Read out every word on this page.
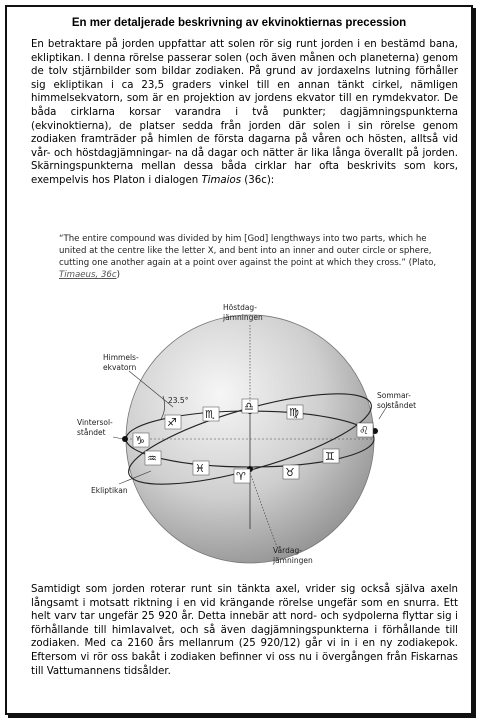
En mer detaljerade beskrivning av ekvinoktiernas precession

En betraktare på jorden uppfattar att solen rör sig runt jorden i en bestämd bana, ekliptikan. I denna rörelse passerar solen (och även månen och planeterna) genom de tolv stjärnbilder som bildar zodiaken. På grund av jordaxelns lutning förhåller sig ekliptikan i ca 23,5 graders vinkel till en annan tänkt cirkel, nämligen himmelsekvatorn, som är en projektion av jordens ekvator till en rymdekvator. De båda cirklarna korsar varandra i två punkter; dagjämningspunkterna (ekvinoktierna), de platser sedda från jorden där solen i sin rörelse genom zodiaken framträder på himlen de första dagarna på våren och hösten, alltså vid vår- och höstdagjämningar- na då dagar och nätter är lika långa överallt på jorden. Skärningspunkterna mellan dessa båda cirklar har ofta beskrivits som kors, exempelvis hos Platon i dialogen Timaios (36c):

“The entire compound was divided by him [God] lengthways into two parts, which he united at the centre like the letter X, and bent into an inner and outer circle or sphere, cutting one another again at a point over against the point at which they cross.” (Plato, Timaeus, 36c)

23.5°
♐
♏
♎	♍
♌
♑
♒
♓
♈	♉
♊
Höstdag-
jämningen
Himmels-
ekvatorn
Sommar-
solståndet
Vintersol-
ståndet
Ekliptikan
Vårdag-
jämningen

Samtidigt som jorden roterar runt sin tänkta axel, vrider sig också själva axeln långsamt i motsatt riktning i en vid krängande rörelse ungefär som en snurra. Ett helt varv tar ungefär 25 920 år. Detta innebär att nord- och sydpolerna flyttar sig i förhållande till himlavalvet, och så även dagjämningspunkterna i förhållande till zodiaken. Med ca 2160 års mellanrum (25 920/12) går vi in i en ny zodiakepok. Eftersom vi rör oss bakåt i zodiaken befinner vi oss nu i övergången från Fiskarnas till Vattumannens tidsålder.
